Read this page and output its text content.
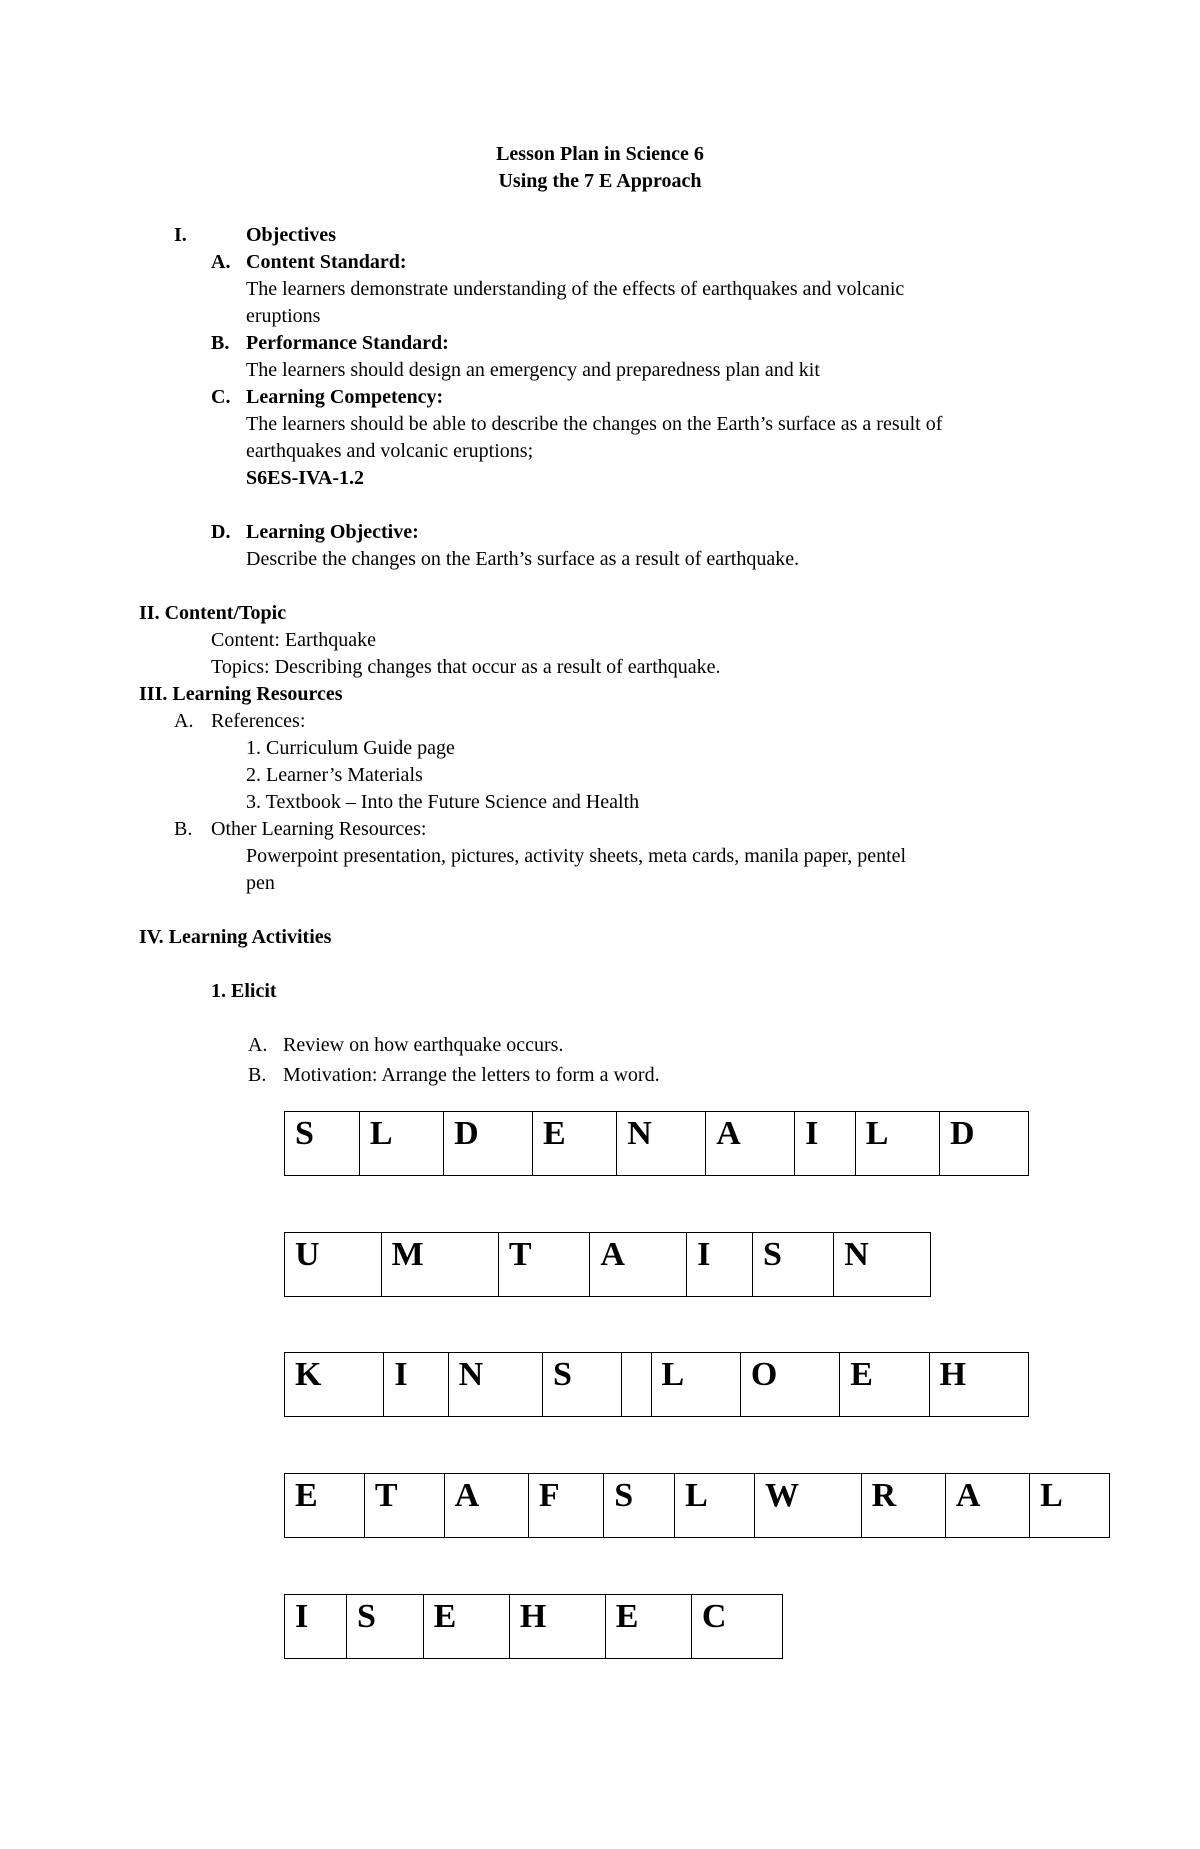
Lesson Plan in Science 6
Using the 7 E Approach
I.	Objectives
A. Content Standard:
The learners demonstrate understanding of the effects of earthquakes and volcanic
eruptions
B. Performance Standard:
The learners should design an emergency and preparedness plan and kit
C. Learning Competency:
The learners should be able to describe the changes on the Earth’s surface as a result of
earthquakes and volcanic eruptions;
S6ES-IVA-1.2
D. Learning Objective:
Describe the changes on the Earth’s surface as a result of earthquake.
II. Content/Topic
Content: Earthquake
Topics: Describing changes that occur as a result of earthquake.
III. Learning Resources
A. References:
1. Curriculum Guide page
2. Learner’s Materials
3. Textbook – Into the Future Science and Health
B. Other Learning Resources:
Powerpoint presentation, pictures, activity sheets, meta cards, manila paper, pentel
pen
IV. Learning Activities
1. Elicit
A. Review on how earthquake occurs.
B. Motivation: Arrange the letters to form a word.
S	L	D	E	N	A	I	L	D
U	M	T	A	I	S	N
K	I	N	S		L	O	E	H
E	T	A	F	S	L	W	R	A	L
I	S	E	H	E	C
